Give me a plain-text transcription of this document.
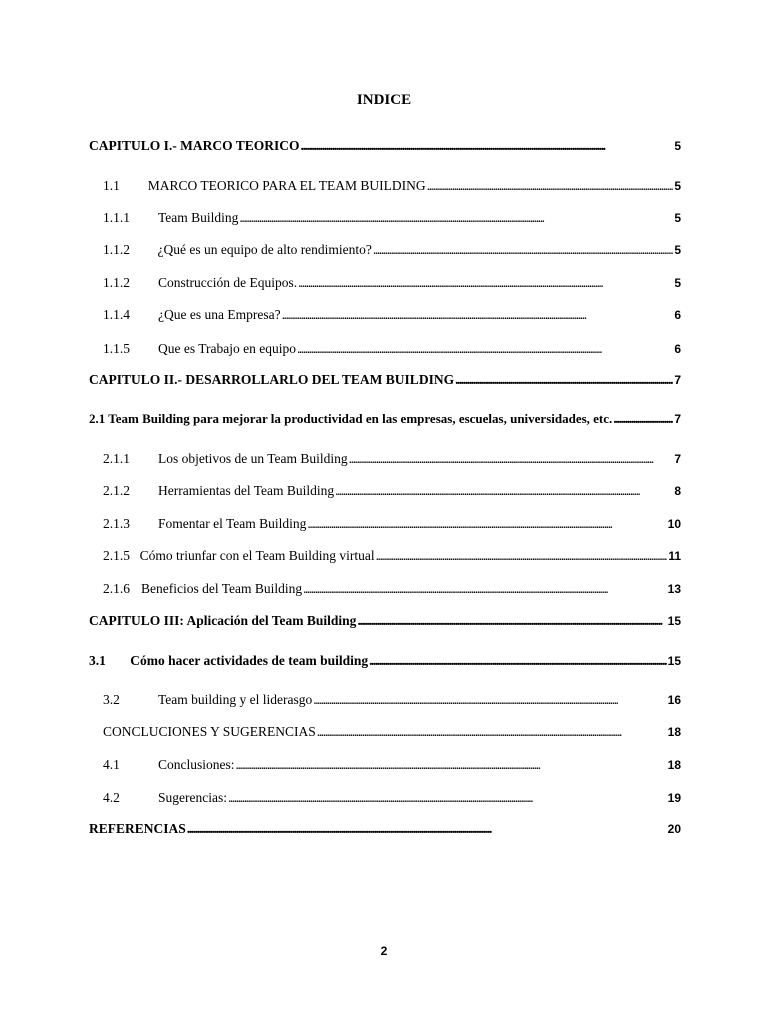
INDICE
CAPITULO I.- MARCO TEORICO . . .	5
1.1	MARCO TEORICO PARA EL TEAM BUILDING . . .	5
1.1.1	Team Building . . .	5
1.1.2	¿Qué es un equipo de alto rendimiento? . . .	5
1.1.2	Construcción de Equipos. . . .	5
1.1.4	¿Que es una Empresa? . . .	6
1.1.5	Que es Trabajo en equipo . . .	6
CAPITULO II.- DESARROLLARLO DEL TEAM BUILDING . . .	7
2.1 Team Building para mejorar la productividad en las empresas, escuelas, universidades, etc. . . .	7
2.1.1	Los objetivos de un Team Building . . .	7
2.1.2	Herramientas del Team Building . . .	8
2.1.3	Fomentar el Team Building . . .	10
2.1.5 Cómo triunfar con el Team Building virtual . . .	11
2.1.6 Beneficios del Team Building . . .	13
CAPITULO III: Aplicación del Team Building . . .	15
3.1	Cómo hacer actividades de team building . . .	15
3.2	Team building y el liderasgo . . .	16
CONCLUCIONES Y SUGERENCIAS . . .	18
4.1	Conclusiones: . . .	18
4.2	Sugerencias: . . .	19
REFERENCIAS . . .	20
2
